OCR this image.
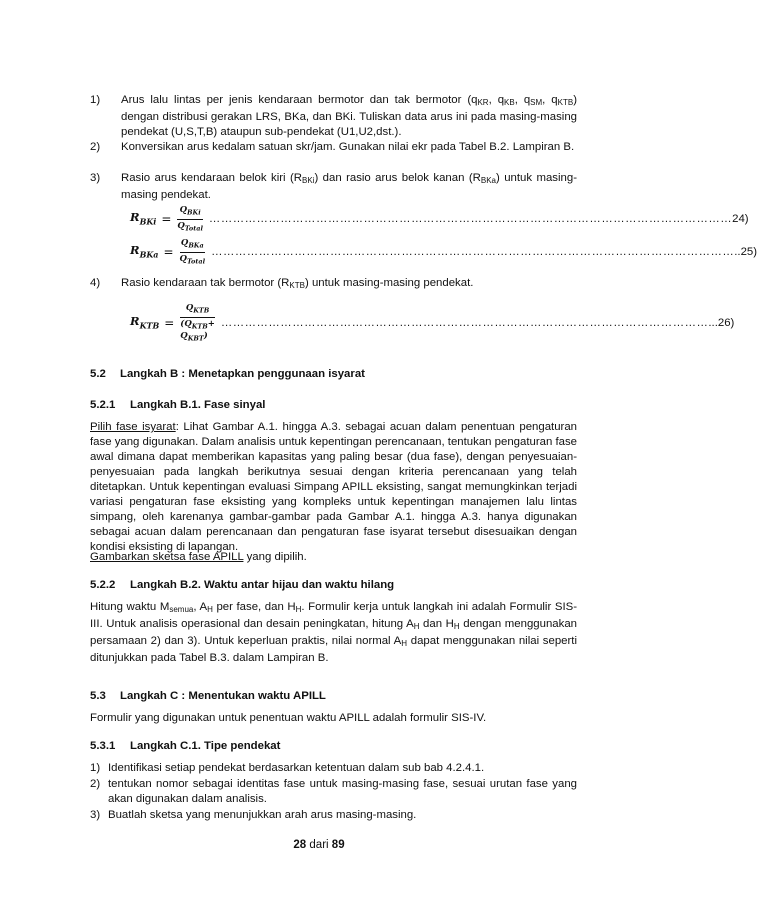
1) Arus lalu lintas per jenis kendaraan bermotor dan tak bermotor ($q_{KR}$, $q_{KB}$, $q_{SM}$, $q_{KTB}$) dengan distribusi gerakan LRS, BKa, dan BKi. Tuliskan data arus ini pada masing-masing pendekat (U,S,T,B) ataupun sub-pendekat (U1,U2,dst.).
2) Konversikan arus kedalam satuan skr/jam. Gunakan nilai ekr pada Tabel B.2. Lampiran B.
3) Rasio arus kendaraan belok kiri $(R_{BKi})$ dan rasio arus belok kanan $(R_{BKa})$ untuk masing-masing pendekat.
$R_{BKi} = \frac{Q_{BKi}}{Q_{Total}}$ …………………………………………………………………………………………………………………… 24)
$R_{BKa} = \frac{Q_{BKa}}{Q_{Total}}$ …………………………………………………………………………………………………………………… ..25)
4) Rasio kendaraan tak bermotor $(R_{KTB})$ untuk masing-masing pendekat.
$R_{KTB} = \frac{Q_{KTB}}{(Q_{KTB}+ Q_{KBT})}$ …………………………………………………………………………………………………………… ...26)
5.2 Langkah B : Menetapkan penggunaan isyarat
5.2.1 Langkah B.1. Fase sinyal
Pilih fase isyarat: Lihat Gambar A.1. hingga A.3. sebagai acuan dalam penentuan pengaturan fase yang digunakan. Dalam analisis untuk kepentingan perencanaan, tentukan pengaturan fase awal dimana dapat memberikan kapasitas yang paling besar (dua fase), dengan penyesuaian-penyesuaian pada langkah berikutnya sesuai dengan kriteria perencanaan yang telah ditetapkan. Untuk kepentingan evaluasi Simpang APILL eksisting, sangat memungkinkan terjadi variasi pengaturan fase eksisting yang kompleks untuk kepentingan manajemen lalu lintas simpang, oleh karenanya gambar-gambar pada Gambar A.1. hingga A.3. hanya digunakan sebagai acuan dalam perencanaan dan pengaturan fase isyarat tersebut disesuaikan dengan kondisi eksisting di lapangan.
Gambarkan sketsa fase APILL yang dipilih.
5.2.2 Langkah B.2. Waktu antar hijau dan waktu hilang
Hitung waktu $M_{semua}$, $A_H$ per fase, dan $H_H$. Formulir kerja untuk langkah ini adalah Formulir SIS-III. Untuk analisis operasional dan desain peningkatan, hitung $A_H$ dan $H_H$ dengan menggunakan persamaan 2) dan 3). Untuk keperluan praktis, nilai normal $A_H$ dapat menggunakan nilai seperti ditunjukkan pada Tabel B.3. dalam Lampiran B.
5.3 Langkah C : Menentukan waktu APILL
Formulir yang digunakan untuk penentuan waktu APILL adalah formulir SIS-IV.
5.3.1 Langkah C.1. Tipe pendekat
1) Identifikasi setiap pendekat berdasarkan ketentuan dalam sub bab 4.2.4.1.
2) tentukan nomor sebagai identitas fase untuk masing-masing fase, sesuai urutan fase yang akan digunakan dalam analisis.
3) Buatlah sketsa yang menunjukkan arah arus masing-masing.
28 dari 89
